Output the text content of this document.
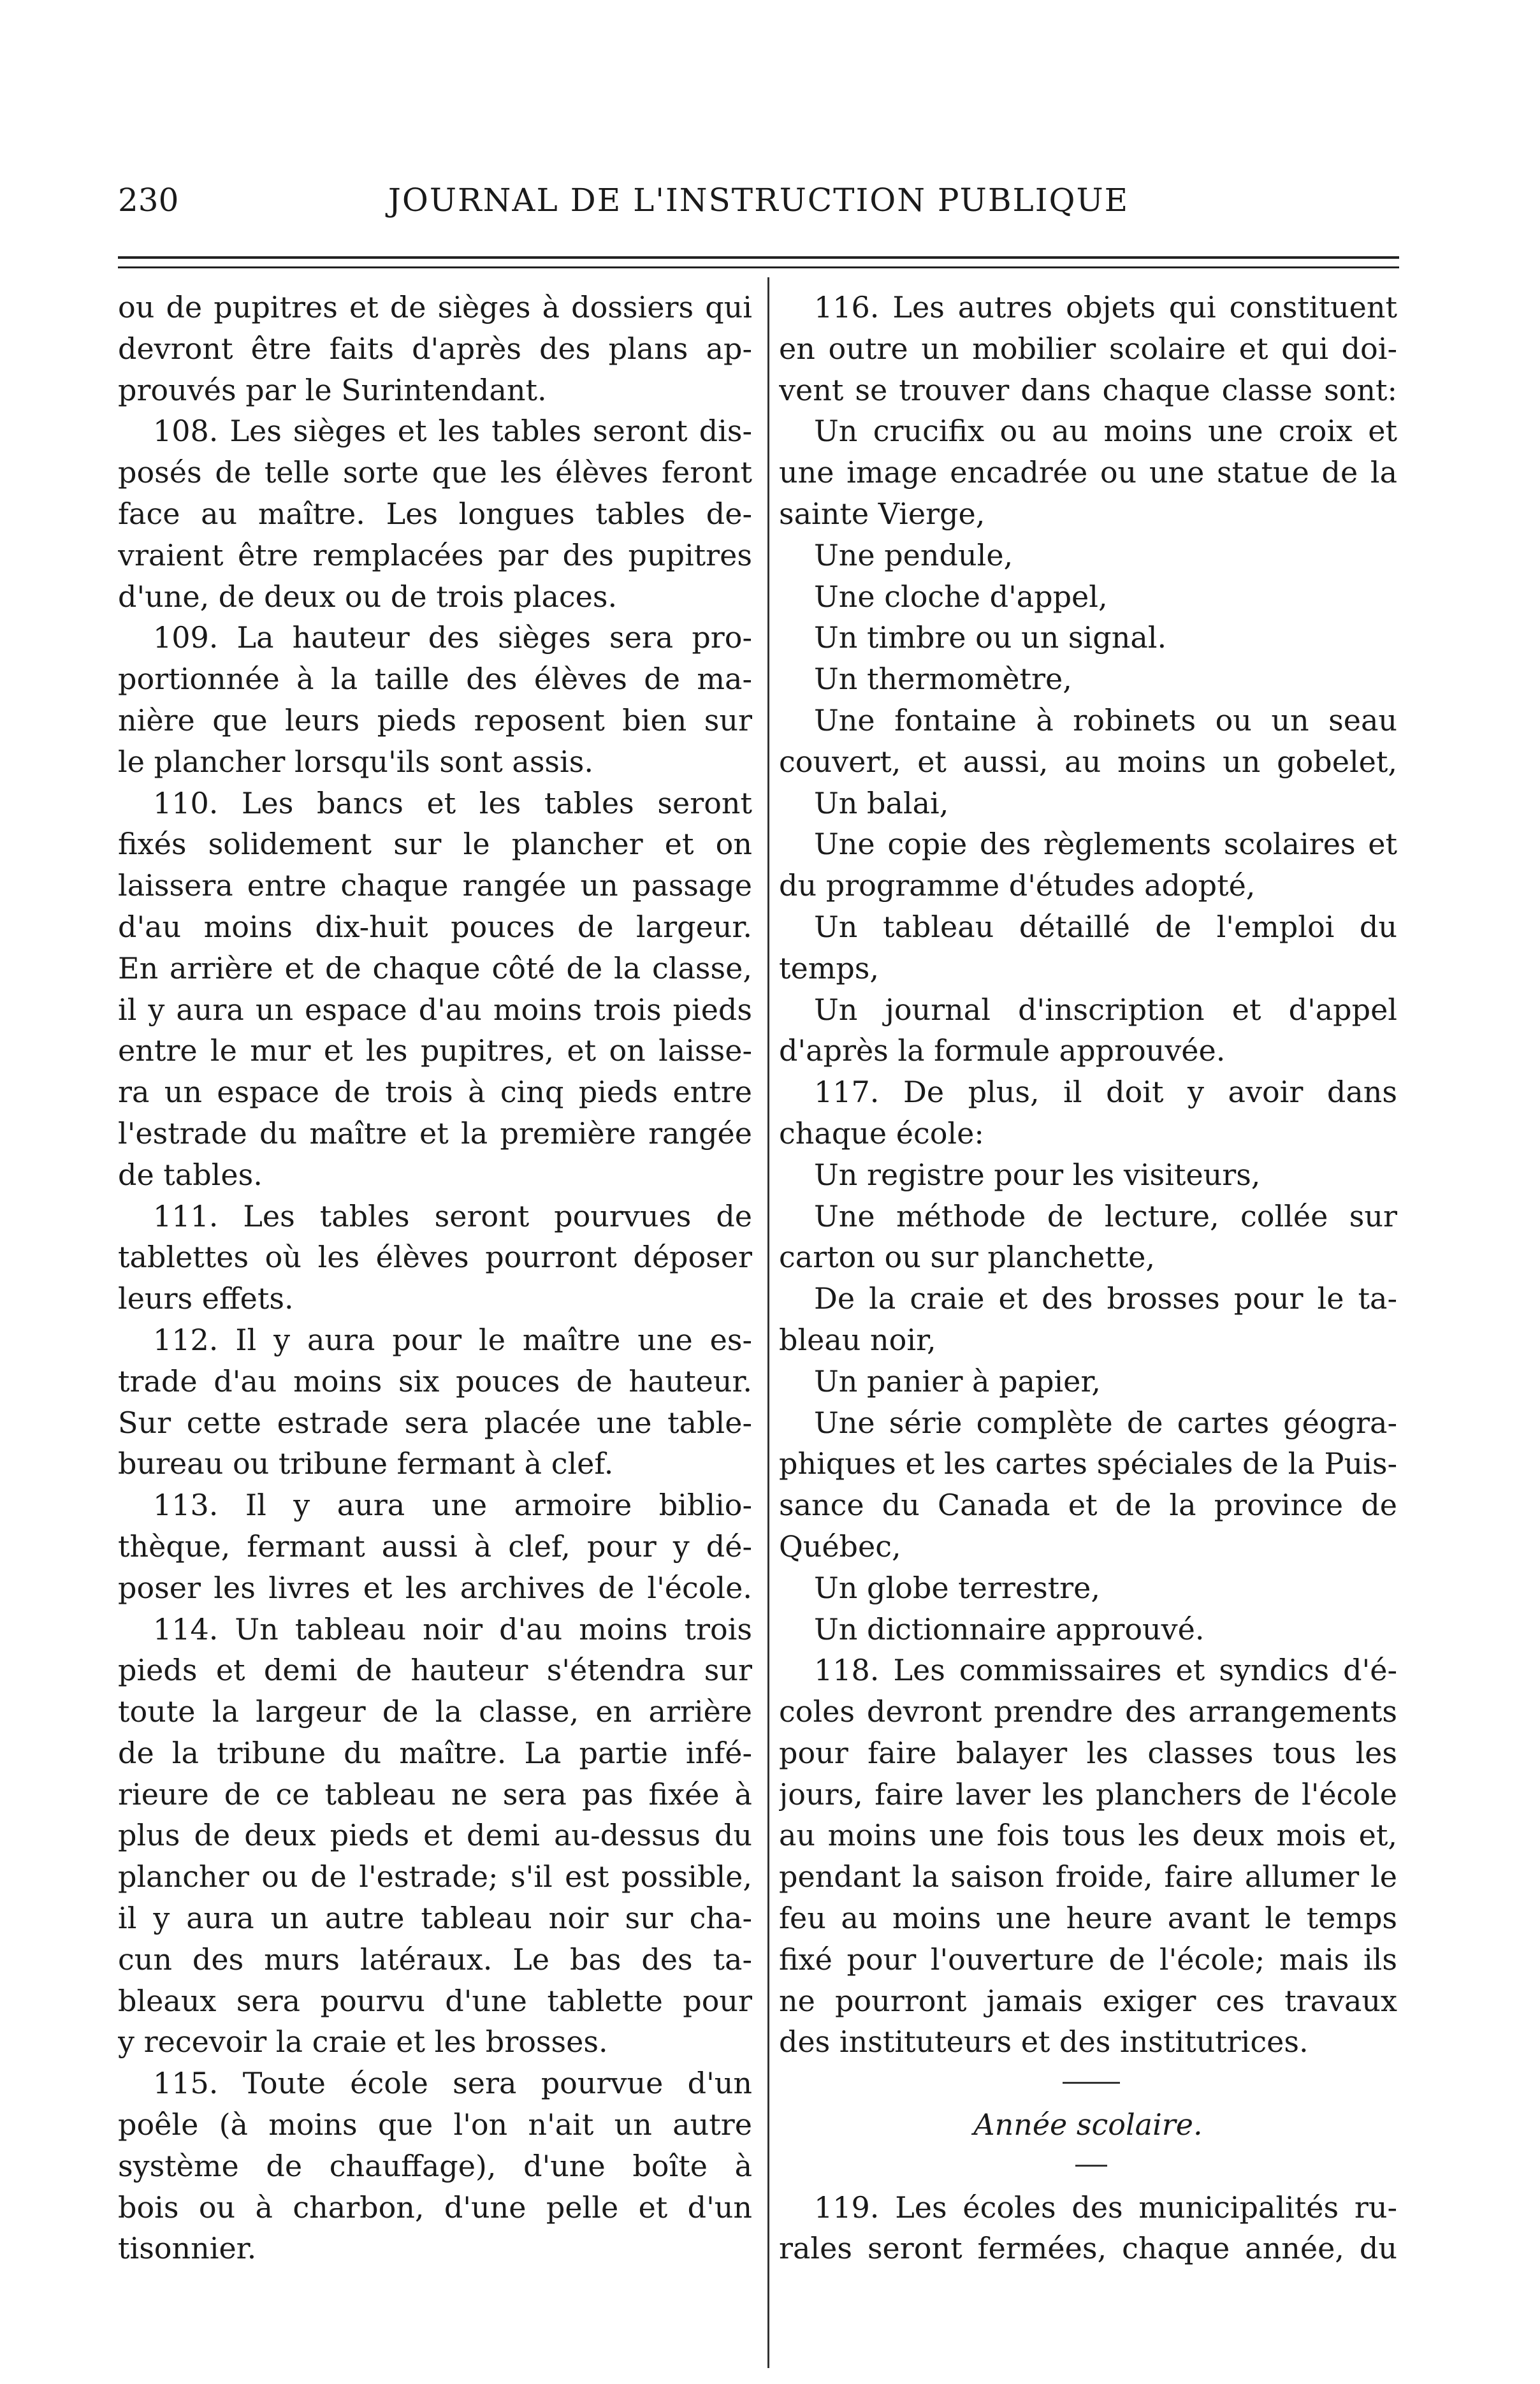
230	JOURNAL DE L'INSTRUCTION PUBLIQUE
ou de pupitres et de sièges à dossiers qui
devront être faits d'après des plans ap-
prouvés par le Surintendant.
108. Les sièges et les tables seront dis-
posés de telle sorte que les élèves feront
face au maître. Les longues tables de-
vraient être remplacées par des pupitres
d'une, de deux ou de trois places.
109. La hauteur des sièges sera pro-
portionnée à la taille des élèves de ma-
nière que leurs pieds reposent bien sur
le plancher lorsqu'ils sont assis.
110. Les bancs et les tables seront
fixés solidement sur le plancher et on
laissera entre chaque rangée un passage
d'au moins dix-huit pouces de largeur.
En arrière et de chaque côté de la classe,
il y aura un espace d'au moins trois pieds
entre le mur et les pupitres, et on laisse-
ra un espace de trois à cinq pieds entre
l'estrade du maître et la première rangée
de tables.
111. Les tables seront pourvues de
tablettes où les élèves pourront déposer
leurs effets.
112. Il y aura pour le maître une es-
trade d'au moins six pouces de hauteur.
Sur cette estrade sera placée une table-
bureau ou tribune fermant à clef.
113. Il y aura une armoire biblio-
thèque, fermant aussi à clef, pour y dé-
poser les livres et les archives de l'école.
114. Un tableau noir d'au moins trois
pieds et demi de hauteur s'étendra sur
toute la largeur de la classe, en arrière
de la tribune du maître. La partie infé-
rieure de ce tableau ne sera pas fixée à
plus de deux pieds et demi au-dessus du
plancher ou de l'estrade; s'il est possible,
il y aura un autre tableau noir sur cha-
cun des murs latéraux. Le bas des ta-
bleaux sera pourvu d'une tablette pour
y recevoir la craie et les brosses.
115. Toute école sera pourvue d'un
poêle (à moins que l'on n'ait un autre
système de chauffage), d'une boîte à
bois ou à charbon, d'une pelle et d'un
tisonnier.
116. Les autres objets qui constituent
en outre un mobilier scolaire et qui doi-
vent se trouver dans chaque classe sont:
Un crucifix ou au moins une croix et
une image encadrée ou une statue de la
sainte Vierge,
Une pendule,
Une cloche d'appel,
Un timbre ou un signal.
Un thermomètre,
Une fontaine à robinets ou un seau
couvert, et aussi, au moins un gobelet,
Un balai,
Une copie des règlements scolaires et
du programme d'études adopté,
Un tableau détaillé de l'emploi du
temps,
Un journal d'inscription et d'appel
d'après la formule approuvée.
117. De plus, il doit y avoir dans
chaque école:
Un registre pour les visiteurs,
Une méthode de lecture, collée sur
carton ou sur planchette,
De la craie et des brosses pour le ta-
bleau noir,
Un panier à papier,
Une série complète de cartes géogra-
phiques et les cartes spéciales de la Puis-
sance du Canada et de la province de
Québec,
Un globe terrestre,
Un dictionnaire approuvé.
118. Les commissaires et syndics d'é-
coles devront prendre des arrangements
pour faire balayer les classes tous les
jours, faire laver les planchers de l'école
au moins une fois tous les deux mois et,
pendant la saison froide, faire allumer le
feu au moins une heure avant le temps
fixé pour l'ouverture de l'école; mais ils
ne pourront jamais exiger ces travaux
des instituteurs et des institutrices.
Année scolaire.
119. Les écoles des municipalités ru-
rales seront fermées, chaque année, du
